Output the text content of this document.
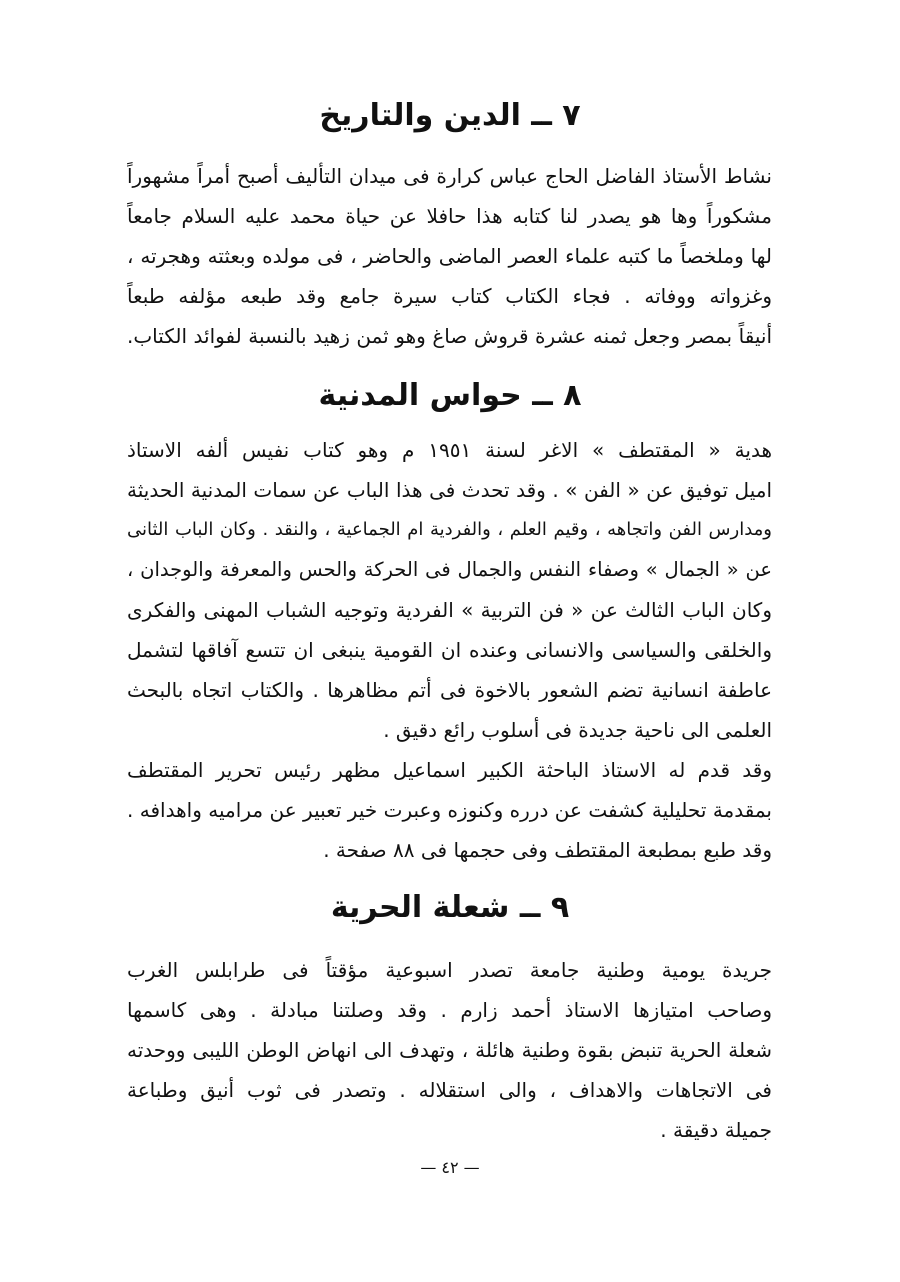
٧ ــ الدين والتاريخ
نشاط الأستاذ الفاضل الحاج عباس كرارة فى ميدان التأليف أصبح أمراً مشهوراً
مشكوراً وها هو يصدر لنا كتابه هذا حافلا عن حياة محمد عليه السلام جامعاً
لها وملخصاً ما كتبه علماء العصر الماضى والحاضر ، فى مولده وبعثته وهجرته ،
وغزواته ووفاته . فجاء الكتاب كتاب سيرة جامع وقد طبعه مؤلفه طبعاً
أنيقاً بمصر وجعل ثمنه عشرة قروش صاغ وهو ثمن زهيد بالنسبة لفوائد الكتاب.
٨ ــ حواس المدنية
هدية « المقتطف » الاغر لسنة ١٩٥١ م وهو كتاب نفيس ألفه الاستاذ
اميل توفيق عن « الفن » . وقد تحدث فى هذا الباب عن سمات المدنية الحديثة
ومدارس الفن واتجاهه ، وقيم العلم ، والفردية ام الجماعية ، والنقد . وكان الباب الثانى
عن « الجمال » وصفاء النفس والجمال فى الحركة والحس والمعرفة والوجدان ،
وكان الباب الثالث عن « فن التربية » الفردية وتوجيه الشباب المهنى والفكرى
والخلقى والسياسى والانسانى وعنده ان القومية ينبغى ان تتسع آفاقها لتشمل
عاطفة انسانية تضم الشعور بالاخوة فى أتم مظاهرها . والكتاب اتجاه بالبحث
العلمى الى ناحية جديدة فى أسلوب رائع دقيق .
وقد قدم له الاستاذ الباحثة الكبير اسماعيل مظهر رئيس تحرير المقتطف
بمقدمة تحليلية كشفت عن درره وكنوزه وعبرت خير تعبير عن مراميه واهدافه .
وقد طبع بمطبعة المقتطف وفى حجمها فى ٨٨ صفحة .
٩ ــ شعلة الحرية
جريدة يومية وطنية جامعة تصدر اسبوعية مؤقتاً فى طرابلس الغرب
وصاحب امتيازها الاستاذ أحمد زارم . وقد وصلتنا مبادلة . وهى كاسمها
شعلة الحرية تنبض بقوة وطنية هائلة ، وتهدف الى انهاض الوطن الليبى ووحدته
فى الاتجاهات والاهداف ، والى استقلاله . وتصدر فى ثوب أنيق وطباعة
جميلة دقيقة .
— ٤٢ —
